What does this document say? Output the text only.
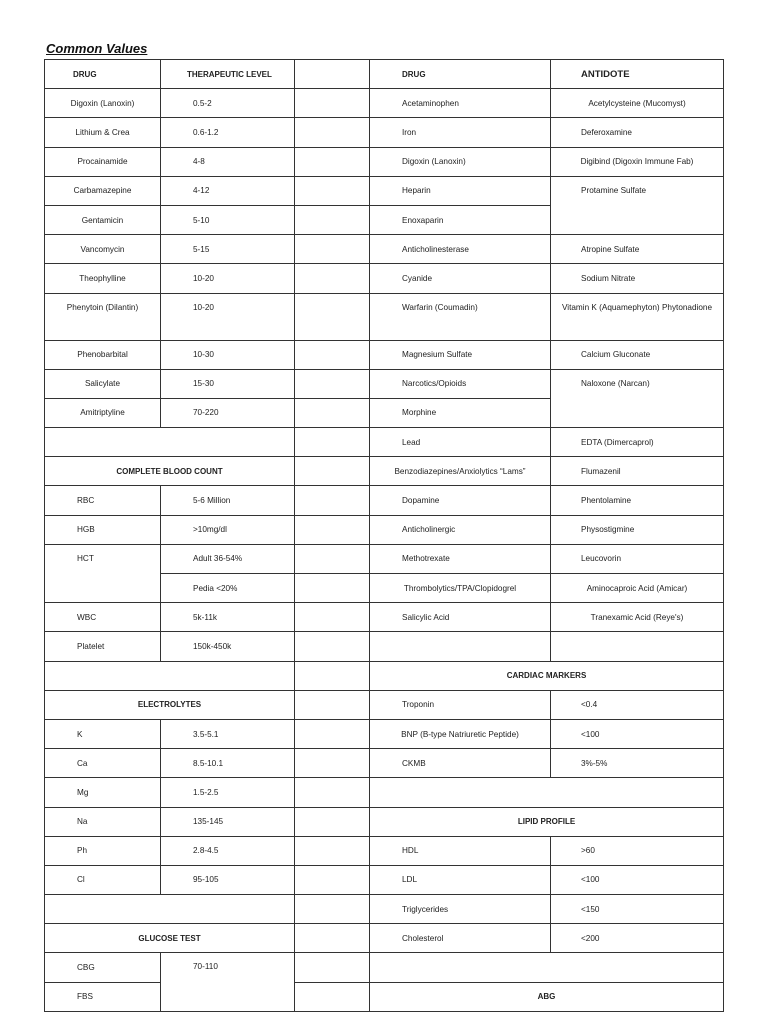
Common Values
DRUG	THERAPEUTIC LEVEL	
Digoxin (Lanoxin)	0.5-2	
Lithium & Crea	0.6-1.2	
Procainamide	4-8	
Carbamazepine	4-12	
Gentamicin	5-10	
Vancomycin	5-15	
Theophylline	10-20	
Phenytoin (Dilantin)	10-20	
Phenobarbital	10-30	
Salicylate	15-30	
Amitriptyline	70-220	

COMPLETE BLOOD COUNT		
RBC	5-6 Million	
HGB	>10mg/dl	
HCT	Adult 36-54%	
	Pedia <20%	
WBC	5k-11k	
Platelet	150k-450k	

ELECTROLYTES		
K	3.5-5.1	
Ca	8.5-10.1	
Mg	1.5-2.5	
Na	135-145	
Ph	2.8-4.5	
Cl	95-105	

GLUCOSE TEST		
CBG	70-110	
FBS		
DRUG	ANTIDOTE
Acetaminophen	Acetylcysteine (Mucomyst)
Iron	Deferoxamine
Digoxin (Lanoxin)	Digibind (Digoxin Immune Fab)
Heparin	Protamine Sulfate
Enoxaparin	
Anticholinesterase	Atropine Sulfate
Cyanide	Sodium Nitrate
Warfarin (Coumadin)	Vitamin K (Aquamephyton) Phytonadione
Magnesium Sulfate	Calcium Gluconate
Narcotics/Opioids	Naloxone (Narcan)
Morphine	
Lead	EDTA (Dimercaprol)
Benzodiazepines/Anxiolytics “Lams”	Flumazenil
Dopamine	Phentolamine
Anticholinergic	Physostigmine
Methotrexate	Leucovorin
Thrombolytics/TPA/Clopidogrel	Aminocaproic Acid (Amicar)
Salicylic Acid	Tranexamic Acid (Reye's)

CARDIAC MARKERS	
Troponin	<0.4
BNP (B-type Natriuretic Peptide)	<100
CKMB	3%-5%

LIPID PROFILE	
HDL	>60
LDL	<100
Triglycerides	<150
Cholesterol	<200

ABG	
